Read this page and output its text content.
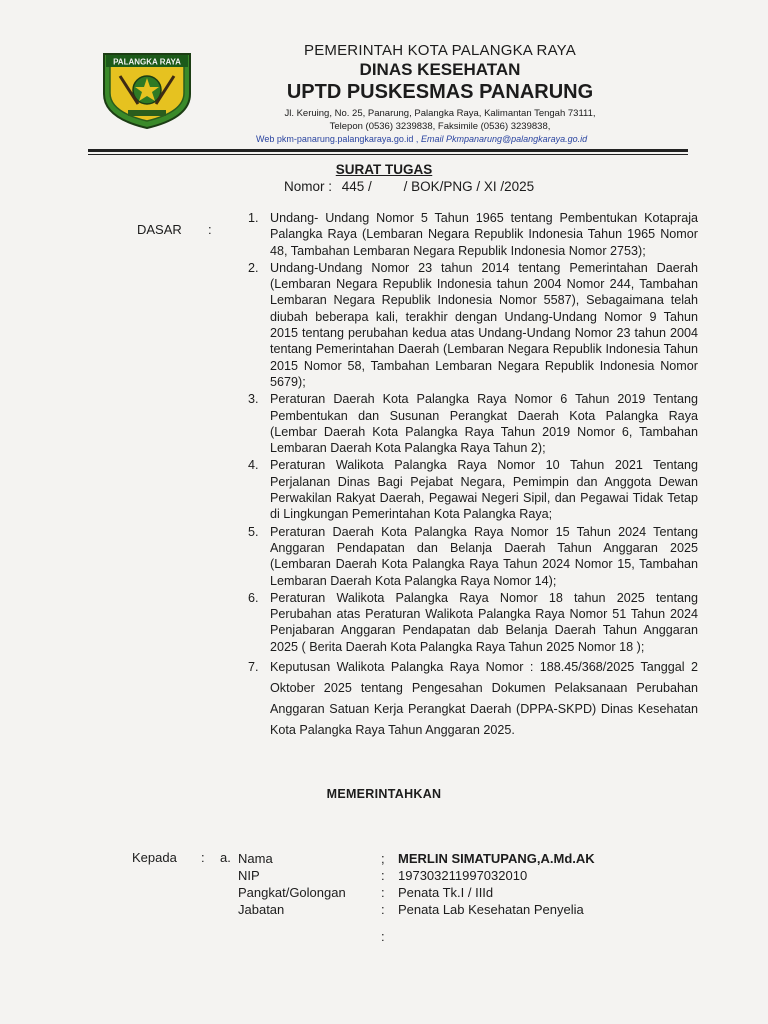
PALANGKA RAYA
PEMERINTAH KOTA PALANGKA RAYA
DINAS KESEHATAN
UPTD PUSKESMAS PANARUNG
Jl. Keruing, No. 25, Panarung, Palangka Raya, Kalimantan Tengah 73111,
Telepon (0536) 3239838, Faksimile (0536) 3239838,
Web pkm-panarung.palangkaraya.go.id , Email Pkmpanarung@palangkaraya.go.id
SURAT TUGAS
Nomor : 445 / / BOK/PNG / XI /2025
DASAR :
1. Undang- Undang Nomor 5 Tahun 1965 tentang Pembentukan Kotapraja Palangka Raya (Lembaran Negara Republik Indonesia Tahun 1965 Nomor 48, Tambahan Lembaran Negara Republik Indonesia Nomor 2753);
2. Undang-Undang Nomor 23 tahun 2014 tentang Pemerintahan Daerah (Lembaran Negara Republik Indonesia tahun 2004 Nomor 244, Tambahan Lembaran Negara Republik Indonesia Nomor 5587), Sebagaimana telah diubah beberapa kali, terakhir dengan Undang-Undang Nomor 9 Tahun 2015 tentang perubahan kedua atas Undang-Undang Nomor 23 tahun 2004 tentang Pemerintahan Daerah (Lembaran Negara Republik Indonesia Tahun 2015 Nomor 58, Tambahan Lembaran Negara Republik Indonesia Nomor 5679);
3. Peraturan Daerah Kota Palangka Raya Nomor 6 Tahun 2019 Tentang Pembentukan dan Susunan Perangkat Daerah Kota Palangka Raya (Lembar Daerah Kota Palangka Raya Tahun 2019 Nomor 6, Tambahan Lembaran Daerah Kota Palangka Raya Tahun 2);
4. Peraturan Walikota Palangka Raya Nomor 10 Tahun 2021 Tentang Perjalanan Dinas Bagi Pejabat Negara, Pemimpin dan Anggota Dewan Perwakilan Rakyat Daerah, Pegawai Negeri Sipil, dan Pegawai Tidak Tetap di Lingkungan Pemerintahan Kota Palangka Raya;
5. Peraturan Daerah Kota Palangka Raya Nomor 15 Tahun 2024 Tentang Anggaran Pendapatan dan Belanja Daerah Tahun Anggaran 2025 (Lembaran Daerah Kota Palangka Raya Tahun 2024 Nomor 15, Tambahan Lembaran Daerah Kota Palangka Raya Nomor 14);
6. Peraturan Walikota Palangka Raya Nomor 18 tahun 2025 tentang Perubahan atas Peraturan Walikota Palangka Raya Nomor 51 Tahun 2024 Penjabaran Anggaran Pendapatan dab Belanja Daerah Tahun Anggaran 2025 ( Berita Daerah Kota Palangka Raya Tahun 2025 Nomor 18 );
7. Keputusan Walikota Palangka Raya Nomor : 188.45/368/2025 Tanggal 2 Oktober 2025 tentang Pengesahan Dokumen Pelaksanaan Perubahan Anggaran Satuan Kerja Perangkat Daerah (DPPA-SKPD) Dinas Kesehatan Kota Palangka Raya Tahun Anggaran 2025.
MEMERINTAHKAN
Kepada : a. Nama
NIP
Pangkat/Golongan
Jabatan
;
:
:
:
MERLIN SIMATUPANG,A.Md.AK
197303211997032010
Penata Tk.I / IIId
Penata Lab Kesehatan Penyelia
:
